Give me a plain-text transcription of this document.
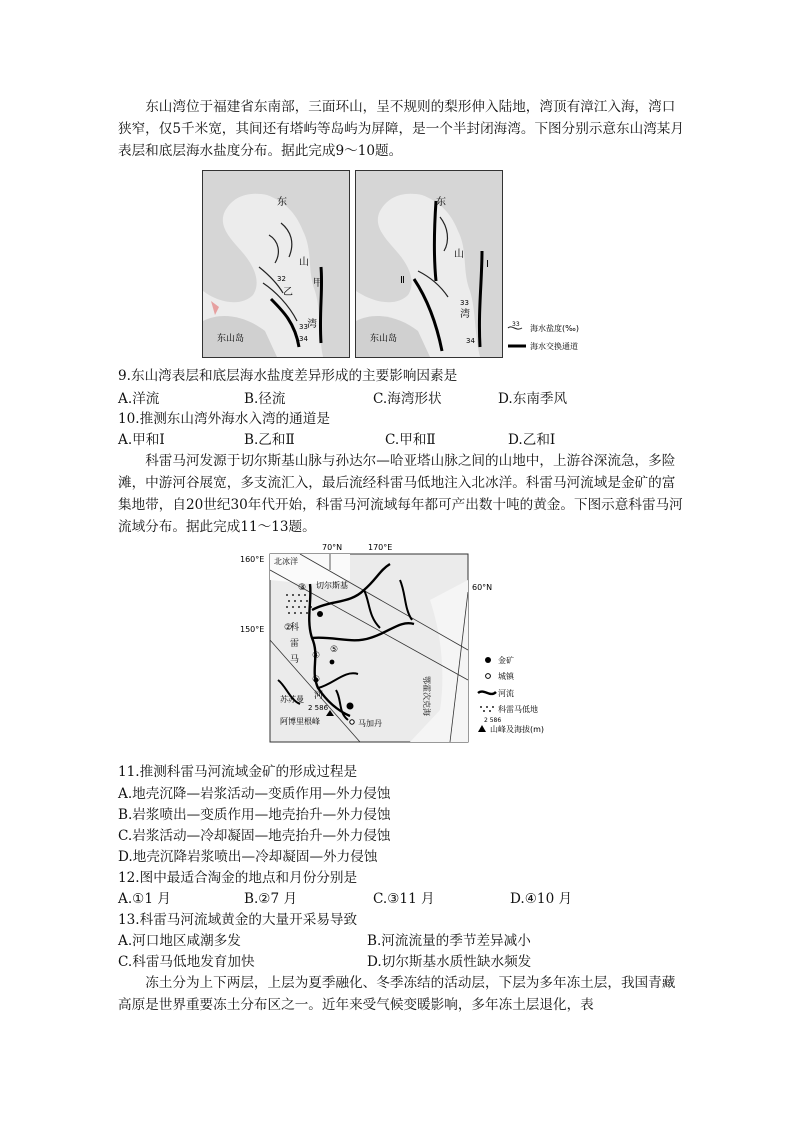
东山湾位于福建省东南部，三面环山，呈不规则的梨形伸入陆地，湾顶有漳江入海，湾口狭窄，仅5千米宽，其间还有塔屿等岛屿为屏障，是一个半封闭海湾。下图分别示意东山湾某月表层和底层海水盐度分布。据此完成9～10题。
东
山
甲
乙
湾
东山岛
32
33
34
东
山
Ⅰ
Ⅱ
湾
东山岛
33
34
33 海水盐度(‰)
海水交换通道
9.东山湾表层和底层海水盐度差异形成的主要影响因素是
A.洋流	B.径流	C.海湾形状	D.东南季风
10.推测东山湾外海水入湾的通道是
A.甲和Ⅰ	B.乙和Ⅱ	C.甲和Ⅱ	D.乙和Ⅰ
科雷马河发源于切尔斯基山脉与孙达尔—哈亚塔山脉之间的山地中，上游谷深流急，多险滩，中游河谷展宽，多支流汇入，最后流经科雷马低地注入北冰洋。科雷马河流域是金矿的富集地带，自20世纪30年代开始，科雷马河流域每年都可产出数十吨的黄金。下图示意科雷马河流域分布。据此完成11～13题。
70°N	170°E
160°E
150°E
60°N
北冰洋
切尔斯基
科
雷
马
河
②
④
①
⑤
③
苏苏曼
2 586
阿博里根峰	马加丹
鄂霍次克海
金矿
城镇
河流
科雷马低地
2 586
山峰及海拔(m)
11.推测科雷马河流域金矿的形成过程是
A.地壳沉降—岩浆活动—变质作用—外力侵蚀
B.岩浆喷出—变质作用—地壳抬升—外力侵蚀
C.岩浆活动—冷却凝固—地壳抬升—外力侵蚀
D.地壳沉降岩浆喷出—冷却凝固—外力侵蚀
12.图中最适合淘金的地点和月份分别是
A.①1 月	B.②7 月	C.③11 月	D.④10 月
13.科雷马河流域黄金的大量开采易导致
A.河口地区咸潮多发	B.河流流量的季节差异减小
C.科雷马低地发育加快	D.切尔斯基水质性缺水频发
冻土分为上下两层，上层为夏季融化、冬季冻结的活动层，下层为多年冻土层，我国青藏高原是世界重要冻土分布区之一。近年来受气候变暖影响，多年冻土层退化，表
